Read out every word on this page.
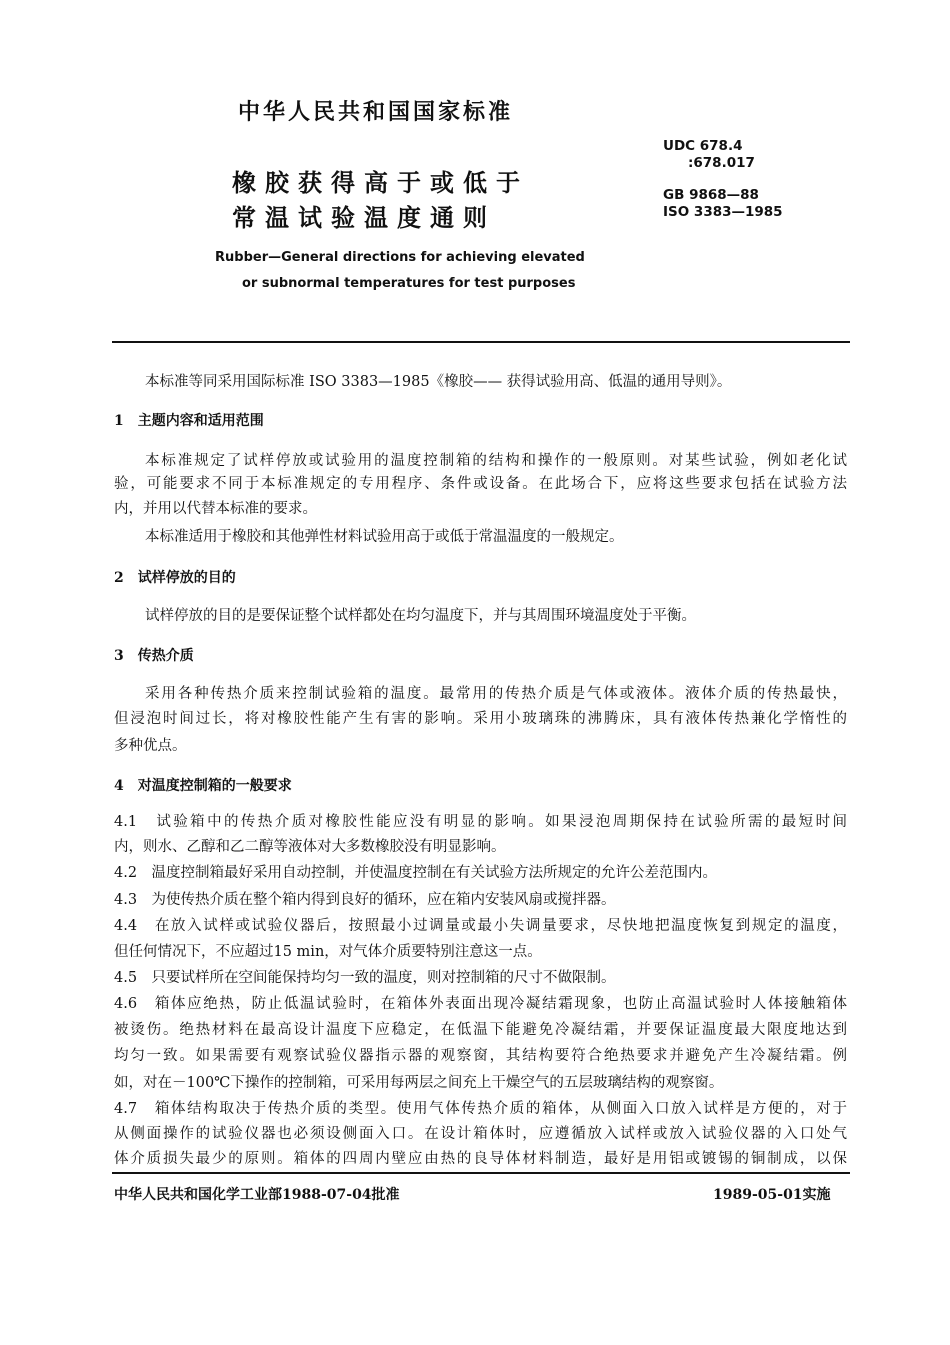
中华人民共和国国家标准
橡胶获得高于或低于
常温试验温度通则
Rubber—General directions for achieving elevated
or subnormal temperatures for test purposes
UDC 678.4
:678.017
GB 9868—88
ISO 3383—1985
本标准等同采用国际标准 ISO 3383—1985《橡胶—— 获得试验用高、低温的通用导则》。
1　主题内容和适用范围
本标准规定了试样停放或试验用的温度控制箱的结构和操作的一般原则。对某些试验，例如老化试
验，可能要求不同于本标准规定的专用程序、条件或设备。在此场合下，应将这些要求包括在试验方法
内，并用以代替本标准的要求。
本标准适用于橡胶和其他弹性材料试验用高于或低于常温温度的一般规定。
2　试样停放的目的
试样停放的目的是要保证整个试样都处在均匀温度下，并与其周围环境温度处于平衡。
3　传热介质
采用各种传热介质来控制试验箱的温度。最常用的传热介质是气体或液体。液体介质的传热最快，
但浸泡时间过长，将对橡胶性能产生有害的影响。采用小玻璃珠的沸腾床，具有液体传热兼化学惰性的
多种优点。
4　对温度控制箱的一般要求
4.1　试验箱中的传热介质对橡胶性能应没有明显的影响。如果浸泡周期保持在试验所需的最短时间
内，则水、乙醇和乙二醇等液体对大多数橡胶没有明显影响。
4.2　温度控制箱最好采用自动控制，并使温度控制在有关试验方法所规定的允许公差范围内。
4.3　为使传热介质在整个箱内得到良好的循环，应在箱内安装风扇或搅拌器。
4.4　在放入试样或试验仪器后，按照最小过调量或最小失调量要求，尽快地把温度恢复到规定的温度，
但任何情况下，不应超过15 min，对气体介质要特别注意这一点。
4.5　只要试样所在空间能保持均匀一致的温度，则对控制箱的尺寸不做限制。
4.6　箱体应绝热，防止低温试验时，在箱体外表面出现冷凝结霜现象，也防止高温试验时人体接触箱体
被烫伤。绝热材料在最高设计温度下应稳定，在低温下能避免冷凝结霜，并要保证温度最大限度地达到
均匀一致。如果需要有观察试验仪器指示器的观察窗，其结构要符合绝热要求并避免产生冷凝结霜。例
如，对在－100℃下操作的控制箱，可采用每两层之间充上干燥空气的五层玻璃结构的观察窗。
4.7　箱体结构取决于传热介质的类型。使用气体传热介质的箱体，从侧面入口放入试样是方便的，对于
从侧面操作的试验仪器也必须设侧面入口。在设计箱体时，应遵循放入试样或放入试验仪器的入口处气
体介质损失最少的原则。箱体的四周内壁应由热的良导体材料制造，最好是用铝或镀锡的铜制成，以保
中华人民共和国化学工业部1988-07-04批准	1989-05-01实施
